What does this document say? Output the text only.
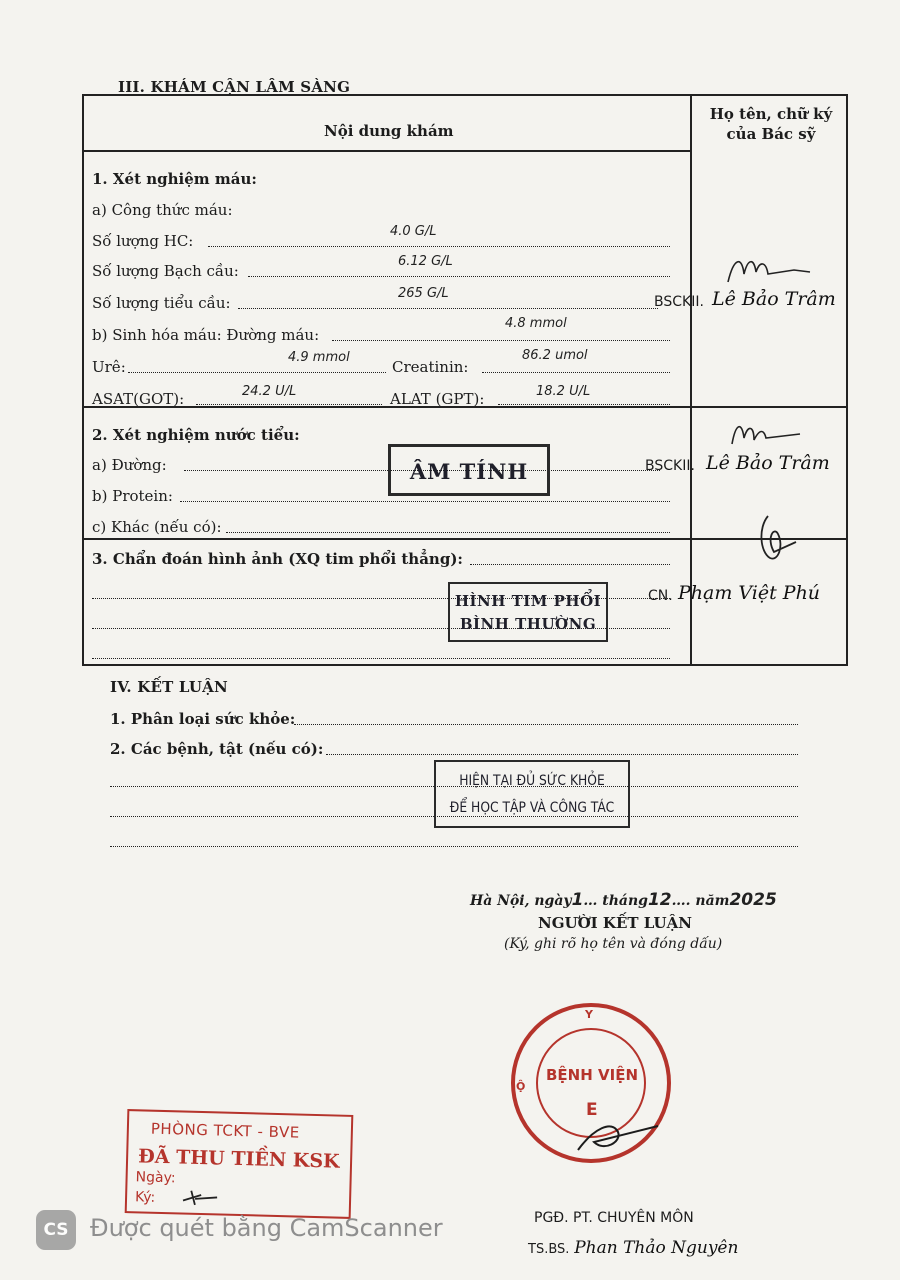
III. KHÁM CẬN LÂM SÀNG
Nội dung khám
Họ tên, chữ ký
của Bác sỹ
1. Xét nghiệm máu:
a) Công thức máu:
Số lượng HC:
4.0 G/L
Số lượng Bạch cầu:
6.12 G/L
Số lượng tiểu cầu:
265 G/L
b) Sinh hóa máu: Đường máu:
4.8 mmol
Urê:
4.9 mmol
Creatinin:
86.2 umol
ASAT(GOT):	24.2 U/L	ALAT (GPT):	18.2 U/L
BSCKII. Lê Bảo Trâm
2. Xét nghiệm nước tiểu:
a) Đường:
b) Protein:
c) Khác (nếu có):
ÂM TÍNH	BSCKII. Lê Bảo Trâm
3. Chẩn đoán hình ảnh (XQ tim phổi thẳng):
HÌNH TIM PHỔI
BÌNH THƯỜNG
CN. Phạm Việt Phú
IV. KẾT LUẬN
1. Phân loại sức khỏe:
2. Các bệnh, tật (nếu có):
HIỆN TẠI ĐỦ SỨC KHỎE
ĐỂ HỌC TẬP VÀ CÔNG TÁC
Hà Nội, ngày1… tháng12…. năm2025
NGƯỜI KẾT LUẬN
(Ký, ghi rõ họ tên và đóng dấu)
Y
Ộ
BỆNH VIỆN
E
PGĐ. PT. CHUYÊN MÔN
TS.BS. Phan Thảo Nguyên
PHÒNG TCKT - BVE
ĐÃ THU TIỀN KSK
Ngày:
Ký:
CS Được quét bằng CamScanner
